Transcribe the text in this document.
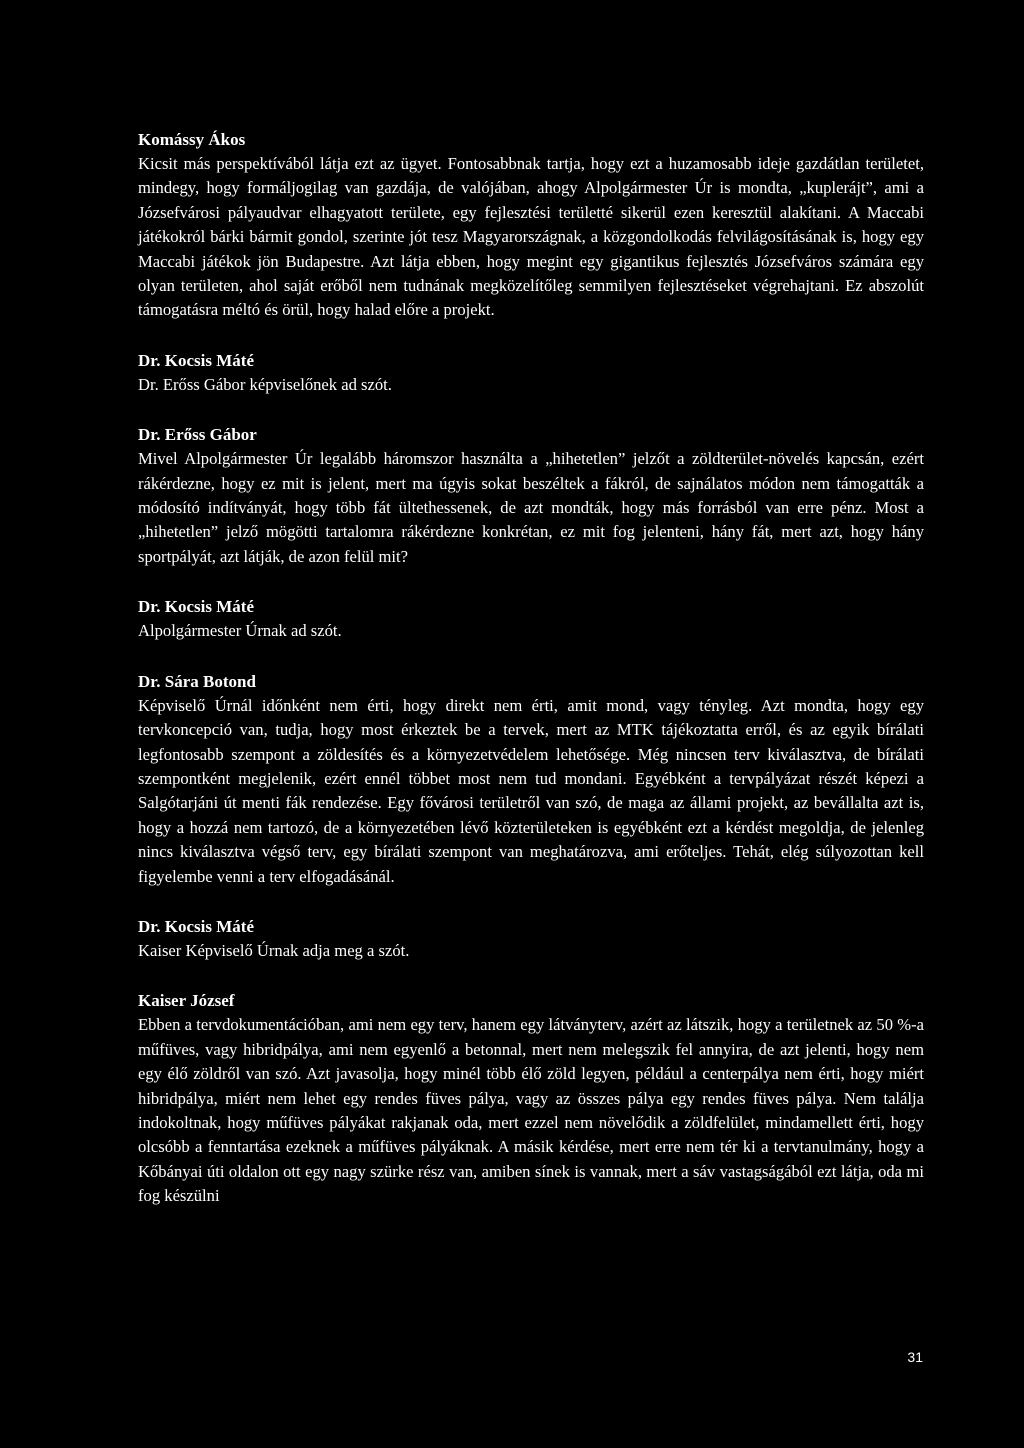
Komássy Ákos

Kicsit más perspektívából látja ezt az ügyet. Fontosabbnak tartja, hogy ezt a huzamosabb ideje gazdátlan területet, mindegy, hogy formáljogilag van gazdája, de valójában, ahogy Alpolgármester Úr is mondta, „kuplerájt”, ami a Józsefvárosi pályaudvar elhagyatott területe, egy fejlesztési területté sikerül ezen keresztül alakítani. A Maccabi játékokról bárki bármit gondol, szerinte jót tesz Magyarországnak, a közgondolkodás felvilágosításának is, hogy egy Maccabi játékok jön Budapestre. Azt látja ebben, hogy megint egy gigantikus fejlesztés Józsefváros számára egy olyan területen, ahol saját erőből nem tudnának megközelítőleg semmilyen fejlesztéseket végrehajtani. Ez abszolút támogatásra méltó és örül, hogy halad előre a projekt.

Dr. Kocsis Máté

Dr. Erőss Gábor képviselőnek ad szót.

Dr. Erőss Gábor

Mivel Alpolgármester Úr legalább háromszor használta a „hihetetlen” jelzőt a zöldterület-növelés kapcsán, ezért rákérdezne, hogy ez mit is jelent, mert ma úgyis sokat beszéltek a fákról, de sajnálatos módon nem támogatták a módosító indítványát, hogy több fát ültethessenek, de azt mondták, hogy más forrásból van erre pénz. Most a „hihetetlen” jelző mögötti tartalomra rákérdezne konkrétan, ez mit fog jelenteni, hány fát, mert azt, hogy hány sportpályát, azt látják, de azon felül mit?

Dr. Kocsis Máté

Alpolgármester Úrnak ad szót.

Dr. Sára Botond

Képviselő Úrnál időnként nem érti, hogy direkt nem érti, amit mond, vagy tényleg. Azt mondta, hogy egy tervkoncepció van, tudja, hogy most érkeztek be a tervek, mert az MTK tájékoztatta erről, és az egyik bírálati legfontosabb szempont a zöldesítés és a környezetvédelem lehetősége. Még nincsen terv kiválasztva, de bírálati szempontként megjelenik, ezért ennél többet most nem tud mondani. Egyébként a tervpályázat részét képezi a Salgótarjáni út menti fák rendezése. Egy fővárosi területről van szó, de maga az állami projekt, az bevállalta azt is, hogy a hozzá nem tartozó, de a környezetében lévő közterületeken is egyébként ezt a kérdést megoldja, de jelenleg nincs kiválasztva végső terv, egy bírálati szempont van meghatározva, ami erőteljes. Tehát, elég súlyozottan kell figyelembe venni a terv elfogadásánál.

Dr. Kocsis Máté

Kaiser Képviselő Úrnak adja meg a szót.

Kaiser József

Ebben a tervdokumentációban, ami nem egy terv, hanem egy látványterv, azért az látszik, hogy a területnek az 50 %-a műfüves, vagy hibridpálya, ami nem egyenlő a betonnal, mert nem melegszik fel annyira, de azt jelenti, hogy nem egy élő zöldről van szó. Azt javasolja, hogy minél több élő zöld legyen, például a centerpálya nem érti, hogy miért hibridpálya, miért nem lehet egy rendes füves pálya, vagy az összes pálya egy rendes füves pálya. Nem találja indokoltnak, hogy műfüves pályákat rakjanak oda, mert ezzel nem növelődik a zöldfelület, mindamellett érti, hogy olcsóbb a fenntartása ezeknek a műfüves pályáknak. A másik kérdése, mert erre nem tér ki a tervtanulmány, hogy a Kőbányai úti oldalon ott egy nagy szürke rész van, amiben sínek is vannak, mert a sáv vastagságából ezt látja, oda mi fog készülni

31
